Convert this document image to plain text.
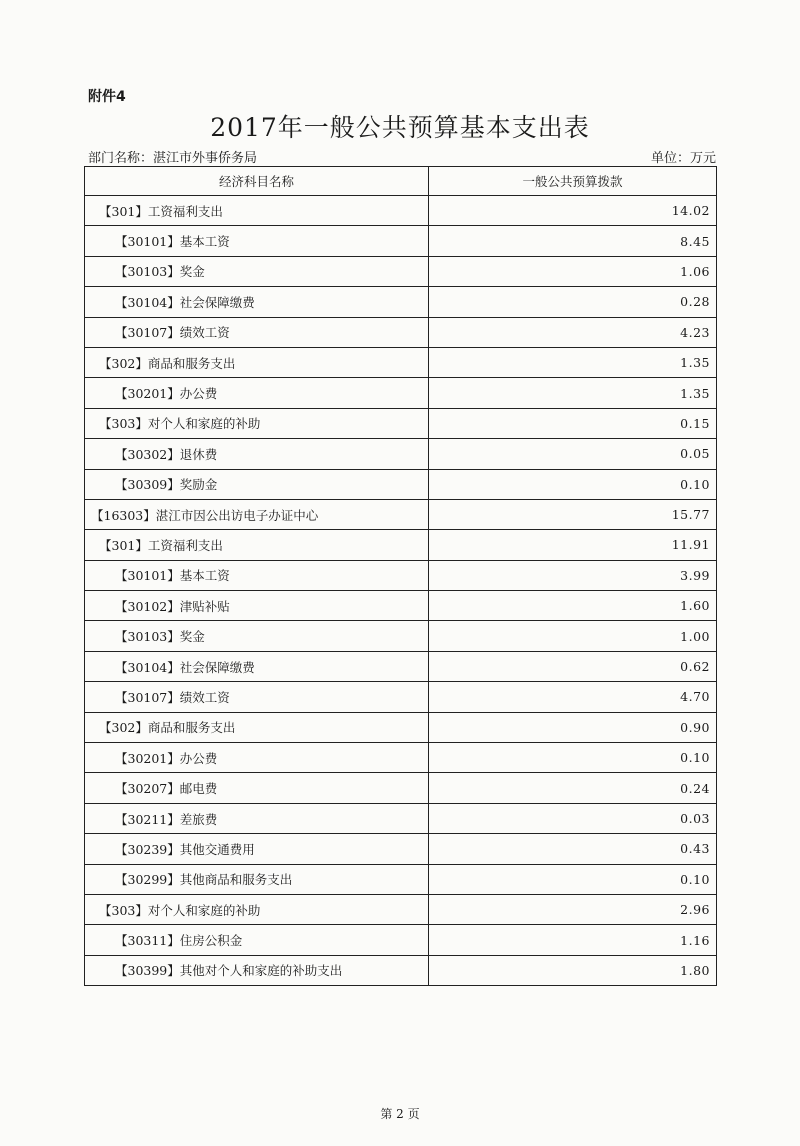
附件4
2017年一般公共预算基本支出表
部门名称：湛江市外事侨务局	单位：万元
经济科目名称	一般公共预算拨款
【301】工资福利支出	14.02
【30101】基本工资	8.45
【30103】奖金	1.06
【30104】社会保障缴费	0.28
【30107】绩效工资	4.23
【302】商品和服务支出	1.35
【30201】办公费	1.35
【303】对个人和家庭的补助	0.15
【30302】退休费	0.05
【30309】奖励金	0.10
【16303】湛江市因公出访电子办证中心	15.77
【301】工资福利支出	11.91
【30101】基本工资	3.99
【30102】津贴补贴	1.60
【30103】奖金	1.00
【30104】社会保障缴费	0.62
【30107】绩效工资	4.70
【302】商品和服务支出	0.90
【30201】办公费	0.10
【30207】邮电费	0.24
【30211】差旅费	0.03
【30239】其他交通费用	0.43
【30299】其他商品和服务支出	0.10
【303】对个人和家庭的补助	2.96
【30311】住房公积金	1.16
【30399】其他对个人和家庭的补助支出	1.80
第 2 页
